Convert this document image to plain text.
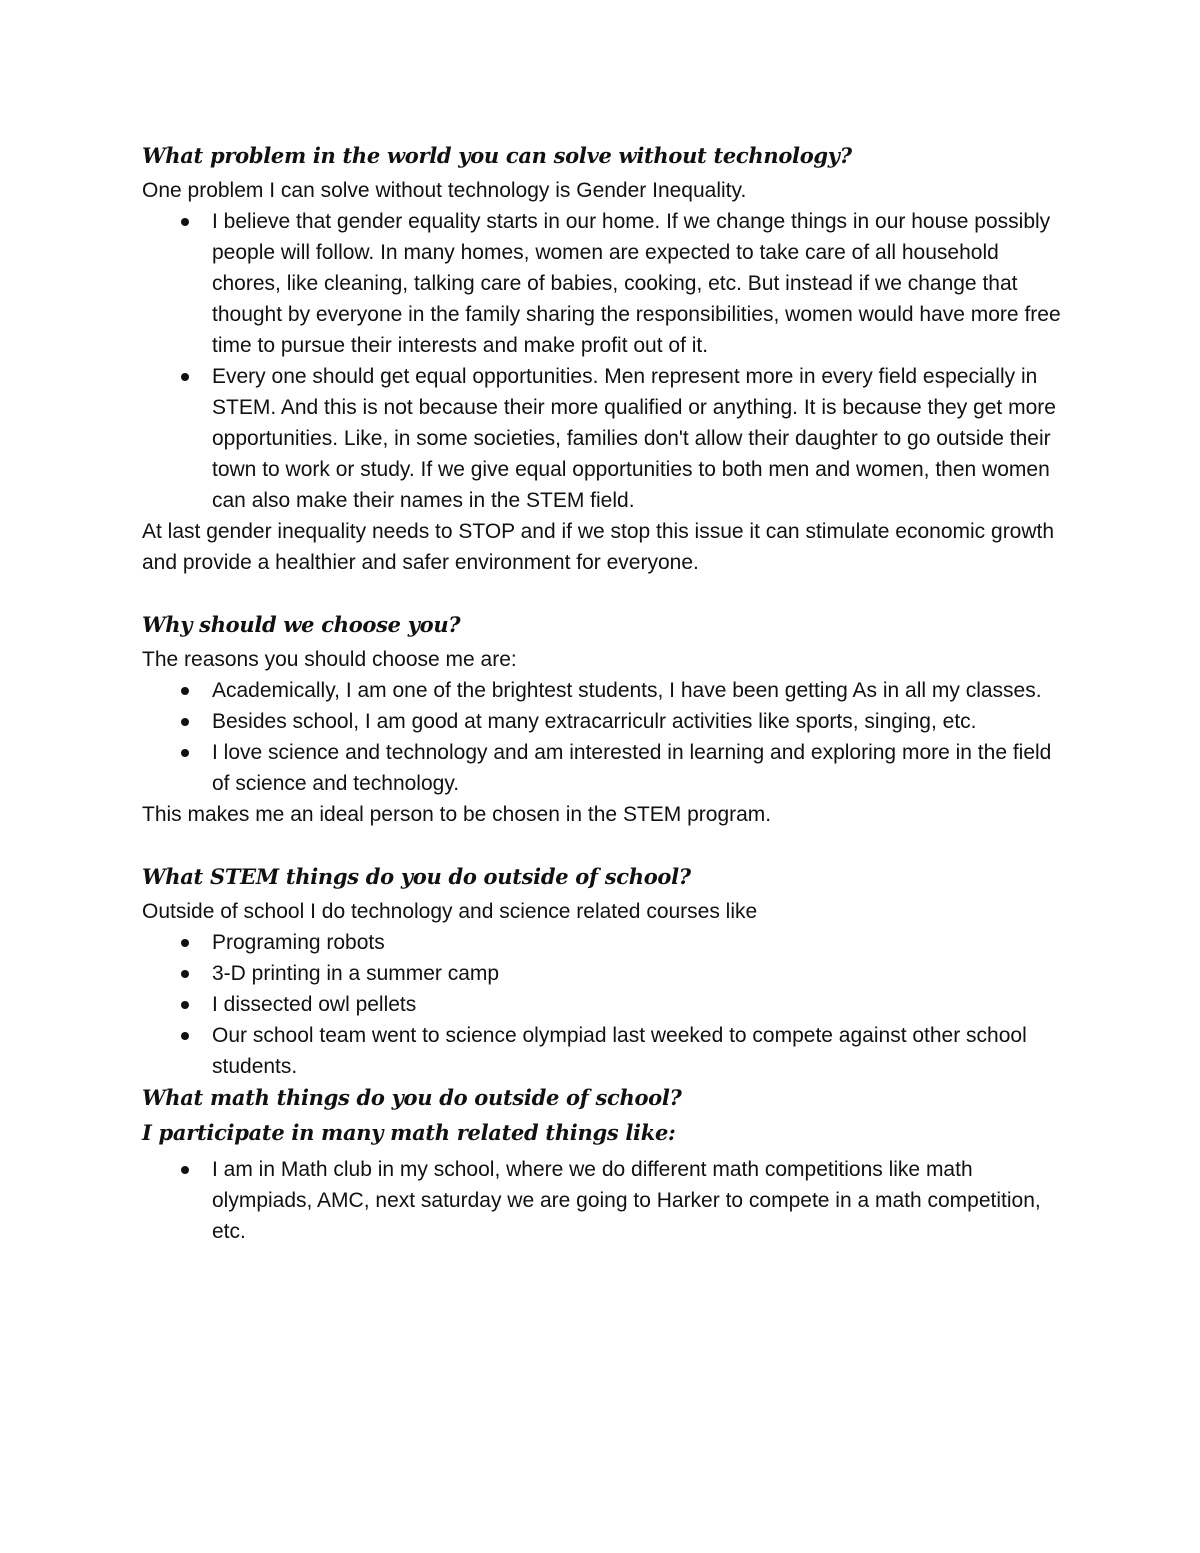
What problem in the world you can solve without technology?

One problem I can solve without technology is Gender Inequality.

I believe that gender equality starts in our home. If we change things in our house possibly people will follow. In many homes, women are expected to take care of all household chores, like cleaning, talking care of babies, cooking, etc. But instead if we change that thought by everyone in the family sharing the responsibilities, women would have more free time to pursue their interests and make profit out of it.
Every one should get equal opportunities. Men represent more in every field especially in STEM. And this is not because their more qualified or anything. It is because they get more opportunities. Like, in some societies, families don't allow their daughter to go outside their town to work or study. If we give equal opportunities to both men and women, then women can also make their names in the STEM field.

At last gender inequality needs to STOP and if we stop this issue it can stimulate economic growth and provide a healthier and safer environment for everyone.

Why should we choose you?

The reasons you should choose me are:

Academically, I am one of the brightest students, I have been getting As in all my classes.
Besides school, I am good at many extracarriculr activities like sports, singing, etc.
I love science and technology and am interested in learning and exploring more in the field of science and technology.

This makes me an ideal person to be chosen in the STEM program.

What STEM things do you do outside of school?

Outside of school I do technology and science related courses like

Programing robots
3-D printing in a summer camp
I dissected owl pellets
Our school team went to science olympiad last weeked to compete against other school students.

What math things do you do outside of school?

I participate in many math related things like:

I am in Math club in my school, where we do different math competitions like math olympiads, AMC, next saturday we are going to Harker to compete in a math competition, etc.
